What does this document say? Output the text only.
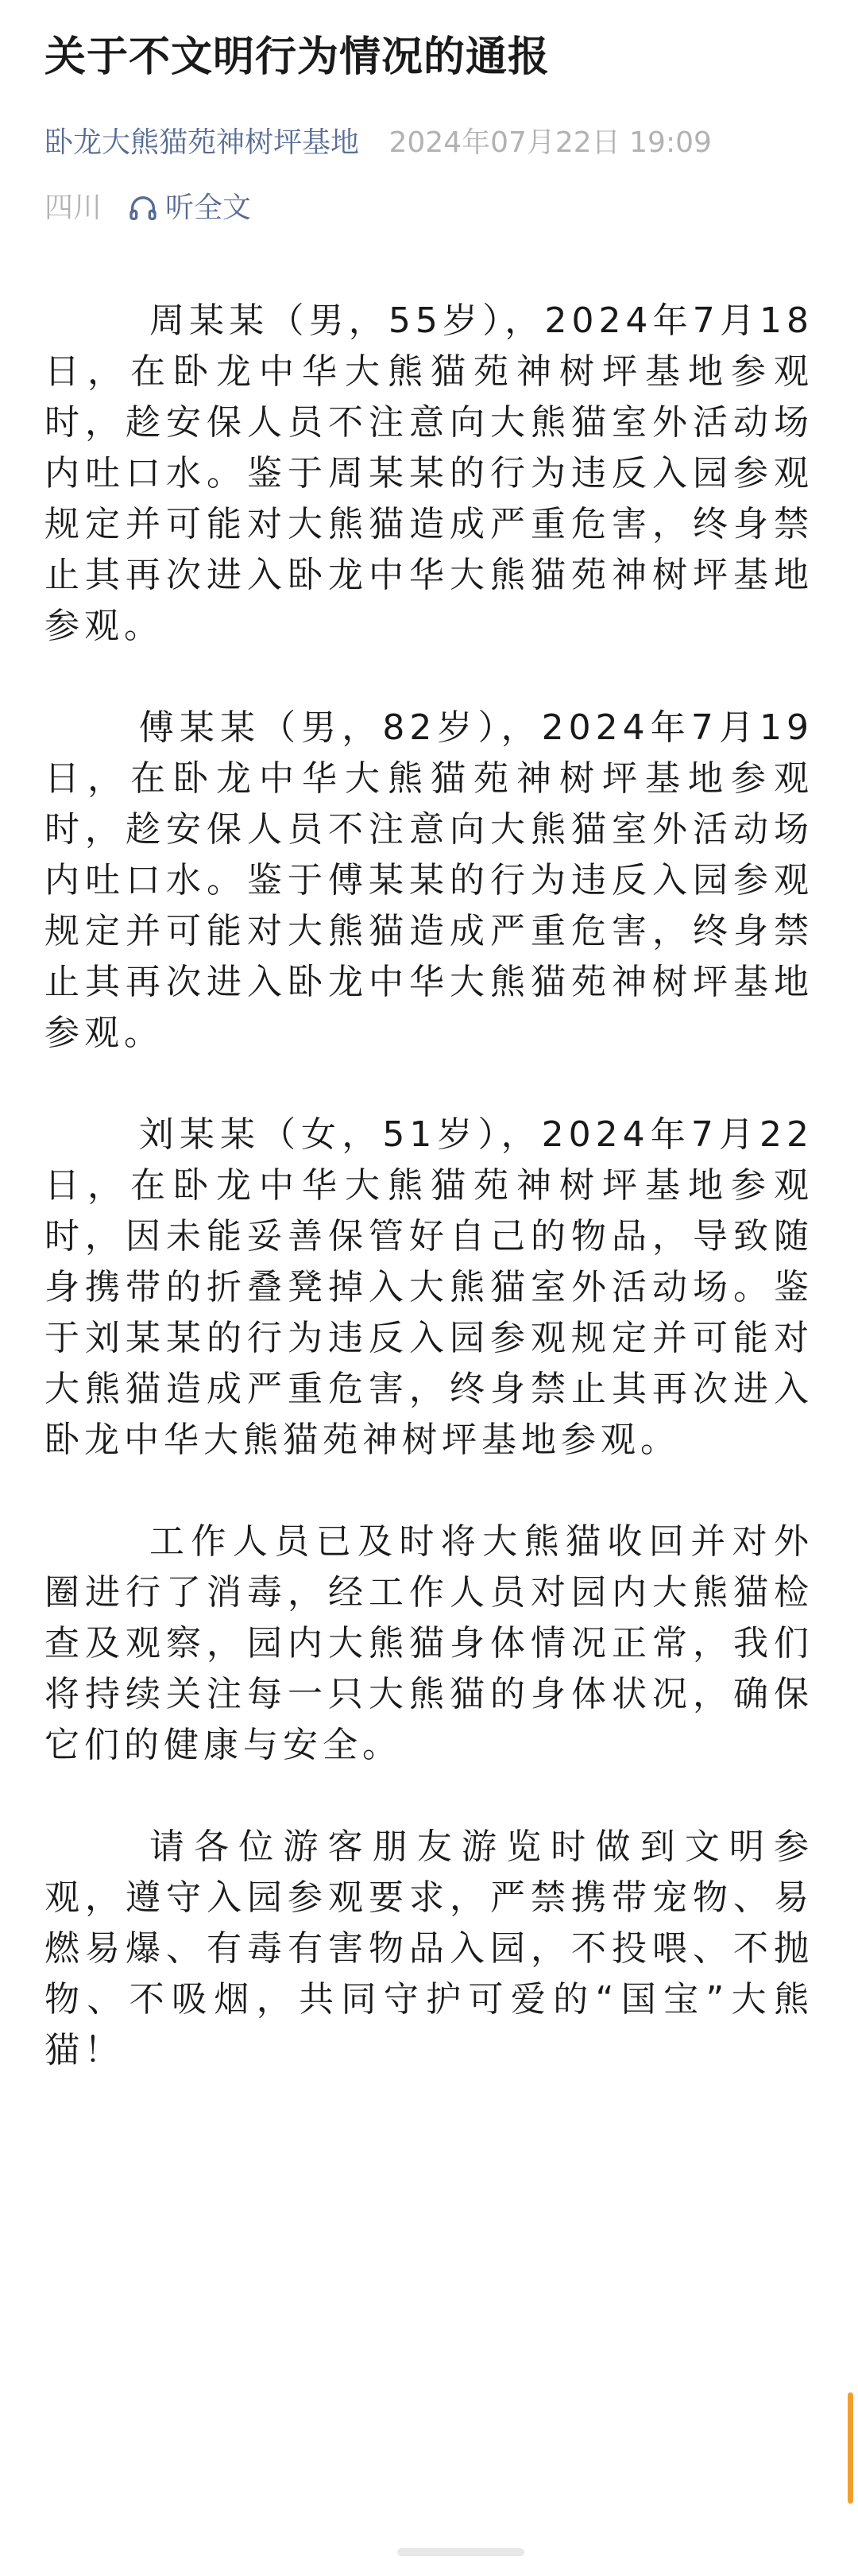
关于不文明行为情况的通报
卧龙大熊猫苑神树坪基地 2024年07月22日 19:09
四川 听全文

周某某（男，55岁），2024年7月18日，在卧龙中华大熊猫苑神树坪基地参观时，趁安保人员不注意向大熊猫室外活动场内吐口水。鉴于周某某的行为违反入园参观规定并可能对大熊猫造成严重危害，终身禁止其再次进入卧龙中华大熊猫苑神树坪基地参观。

傅某某（男，82岁），2024年7月19日，在卧龙中华大熊猫苑神树坪基地参观时，趁安保人员不注意向大熊猫室外活动场内吐口水。鉴于傅某某的行为违反入园参观规定并可能对大熊猫造成严重危害，终身禁止其再次进入卧龙中华大熊猫苑神树坪基地参观。

刘某某（女，51岁），2024年7月22日，在卧龙中华大熊猫苑神树坪基地参观时，因未能妥善保管好自己的物品，导致随身携带的折叠凳掉入大熊猫室外活动场。鉴于刘某某的行为违反入园参观规定并可能对大熊猫造成严重危害，终身禁止其再次进入卧龙中华大熊猫苑神树坪基地参观。

工作人员已及时将大熊猫收回并对外圈进行了消毒，经工作人员对园内大熊猫检查及观察，园内大熊猫身体情况正常，我们将持续关注每一只大熊猫的身体状况，确保它们的健康与安全。

请各位游客朋友游览时做到文明参观，遵守入园参观要求，严禁携带宠物、易燃易爆、有毒有害物品入园，不投喂、不抛物、不吸烟，共同守护可爱的“国宝”大熊猫！
